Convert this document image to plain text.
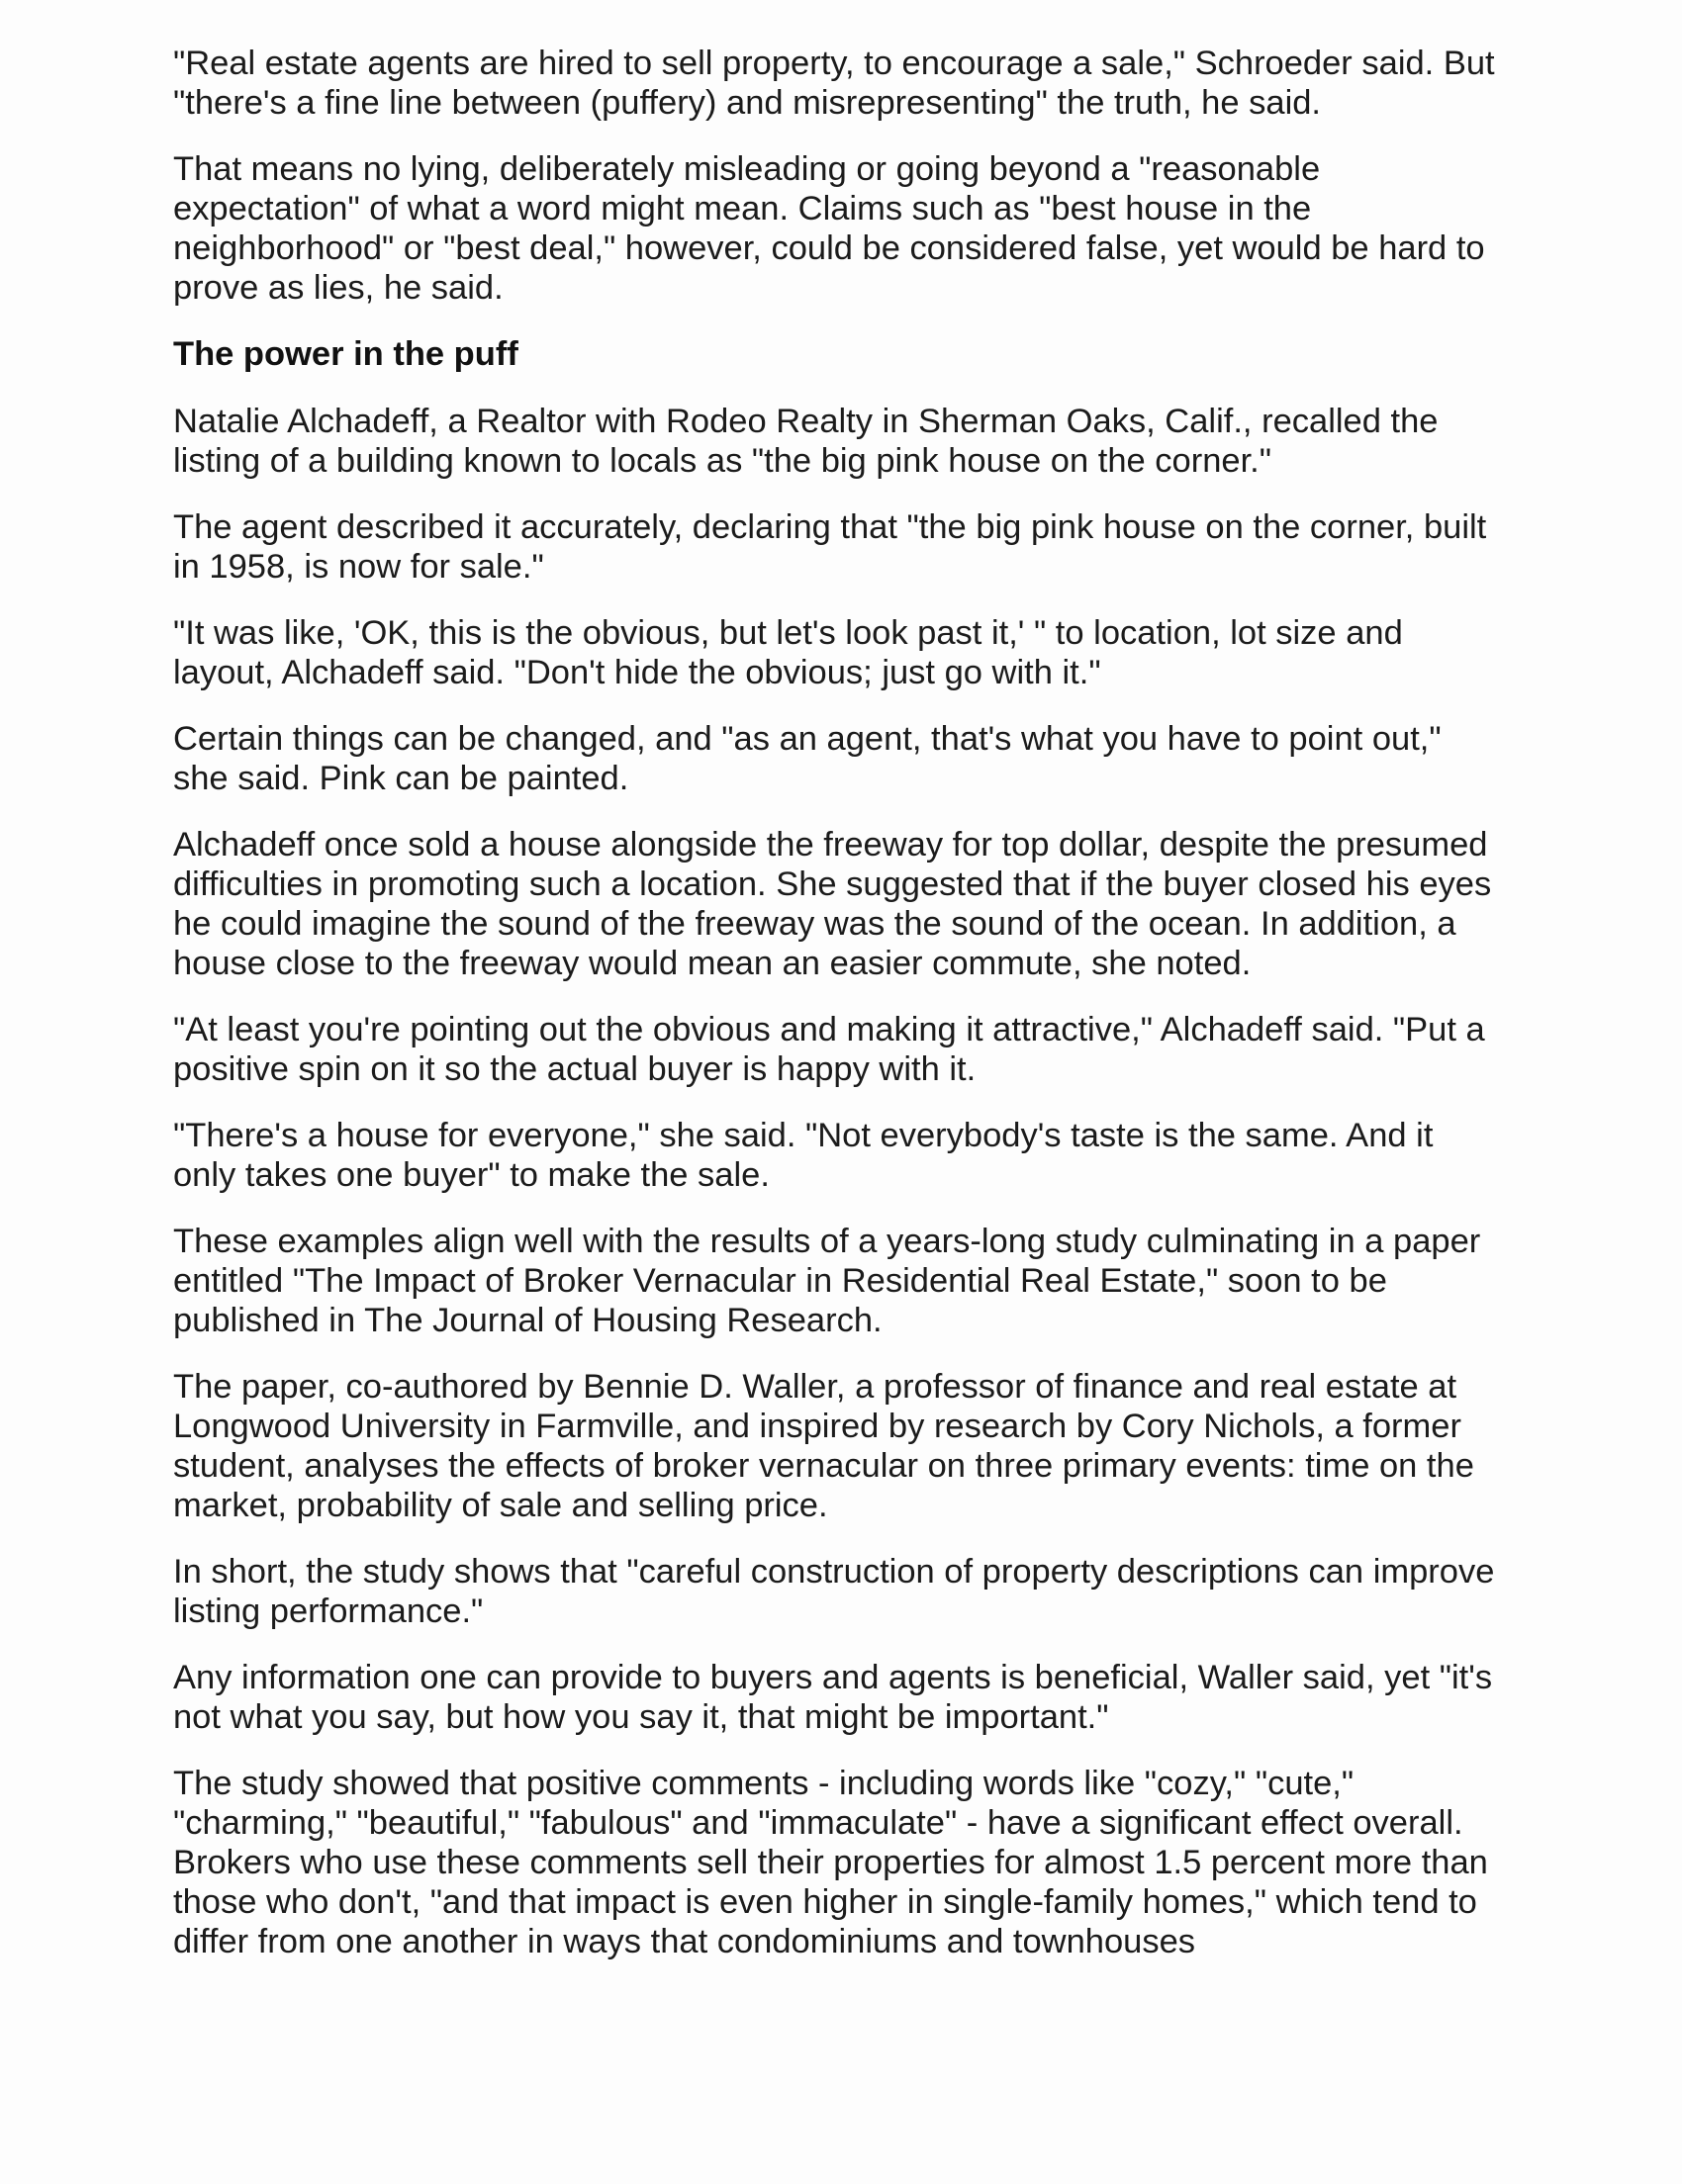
"Real estate agents are hired to sell property, to encourage a sale," Schroeder said. But "there's a fine line between (puffery) and misrepresenting" the truth, he said.

That means no lying, deliberately misleading or going beyond a "reasonable expectation" of what a word might mean. Claims such as "best house in the neighborhood" or "best deal," however, could be considered false, yet would be hard to prove as lies, he said.

The power in the puff

Natalie Alchadeff, a Realtor with Rodeo Realty in Sherman Oaks, Calif., recalled the listing of a building known to locals as "the big pink house on the corner."

The agent described it accurately, declaring that "the big pink house on the corner, built in 1958, is now for sale."

"It was like, 'OK, this is the obvious, but let's look past it,' " to location, lot size and layout, Alchadeff said. "Don't hide the obvious; just go with it."

Certain things can be changed, and "as an agent, that's what you have to point out," she said. Pink can be painted.

Alchadeff once sold a house alongside the freeway for top dollar, despite the presumed difficulties in promoting such a location. She suggested that if the buyer closed his eyes he could imagine the sound of the freeway was the sound of the ocean. In addition, a house close to the freeway would mean an easier commute, she noted.

"At least you're pointing out the obvious and making it attractive," Alchadeff said. "Put a positive spin on it so the actual buyer is happy with it.

"There's a house for everyone," she said. "Not everybody's taste is the same. And it only takes one buyer" to make the sale.

These examples align well with the results of a years-long study culminating in a paper entitled "The Impact of Broker Vernacular in Residential Real Estate," soon to be published in The Journal of Housing Research.

The paper, co-authored by Bennie D. Waller, a professor of finance and real estate at Longwood University in Farmville, and inspired by research by Cory Nichols, a former student, analyses the effects of broker vernacular on three primary events: time on the market, probability of sale and selling price.

In short, the study shows that "careful construction of property descriptions can improve listing performance."

Any information one can provide to buyers and agents is beneficial, Waller said, yet "it's not what you say, but how you say it, that might be important."

The study showed that positive comments - including words like "cozy," "cute," "charming," "beautiful," "fabulous" and "immaculate" - have a significant effect overall. Brokers who use these comments sell their properties for almost 1.5 percent more than those who don't, "and that impact is even higher in single-family homes," which tend to differ from one another in ways that condominiums and townhouses
